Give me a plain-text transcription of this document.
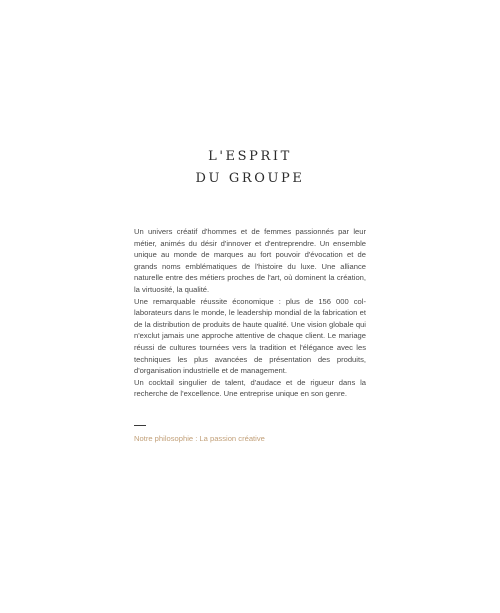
L'ESPRIT
DU GROUPE

Un univers créatif d'hommes et de femmes passionnés par leur métier, animés du désir d'innover et d'entreprendre. Un ensemble unique au monde de marques au fort pouvoir d'évocation et de grands noms emblématiques de l'histoire du luxe. Une alliance naturelle entre des métiers proches de l'art, où dominent la création, la virtuosité, la qualité.

Une remarquable réussite économique : plus de 156 000 col-laborateurs dans le monde, le leadership mondial de la fabrication et de la distribution de produits de haute qualité. Une vision globale qui n'exclut jamais une approche attentive de chaque client. Le mariage réussi de cultures tournées vers la tradition et l'élégance avec les techniques les plus avancées de présentation des produits, d'organisation industrielle et de management.

Un cocktail singulier de talent, d'audace et de rigueur dans la recherche de l'excellence. Une entreprise unique en son genre.

Notre philosophie : La passion créative
